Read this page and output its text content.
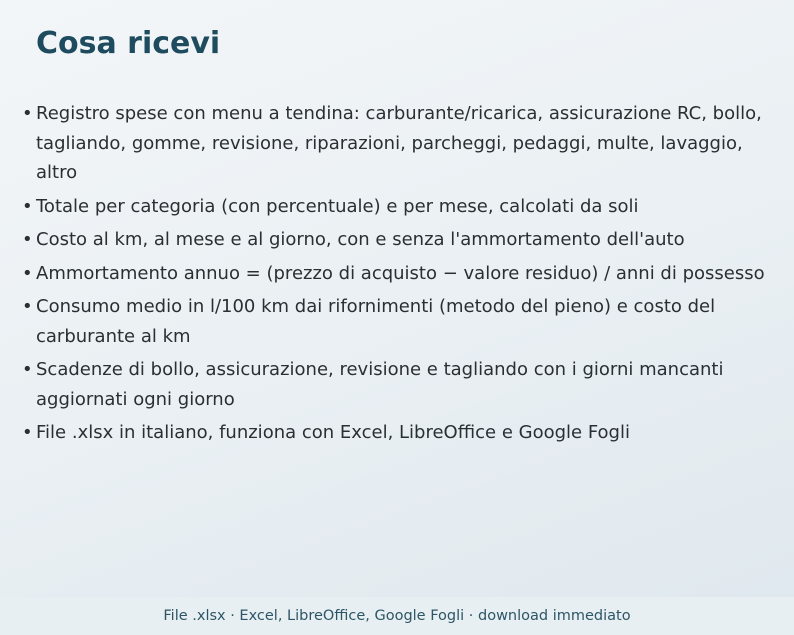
Cosa ricevi
• Registro spese con menu a tendina: carburante/ricarica, assicurazione RC, bollo, tagliando, gomme, revisione, riparazioni, parcheggi, pedaggi, multe, lavaggio, altro
• Totale per categoria (con percentuale) e per mese, calcolati da soli
• Costo al km, al mese e al giorno, con e senza l'ammortamento dell'auto
• Ammortamento annuo = (prezzo di acquisto − valore residuo) / anni di possesso
• Consumo medio in l/100 km dai rifornimenti (metodo del pieno) e costo del carburante al km
• Scadenze di bollo, assicurazione, revisione e tagliando con i giorni mancanti aggiornati ogni giorno
• File .xlsx in italiano, funziona con Excel, LibreOffice e Google Fogli
File .xlsx · Excel, LibreOffice, Google Fogli · download immediato
